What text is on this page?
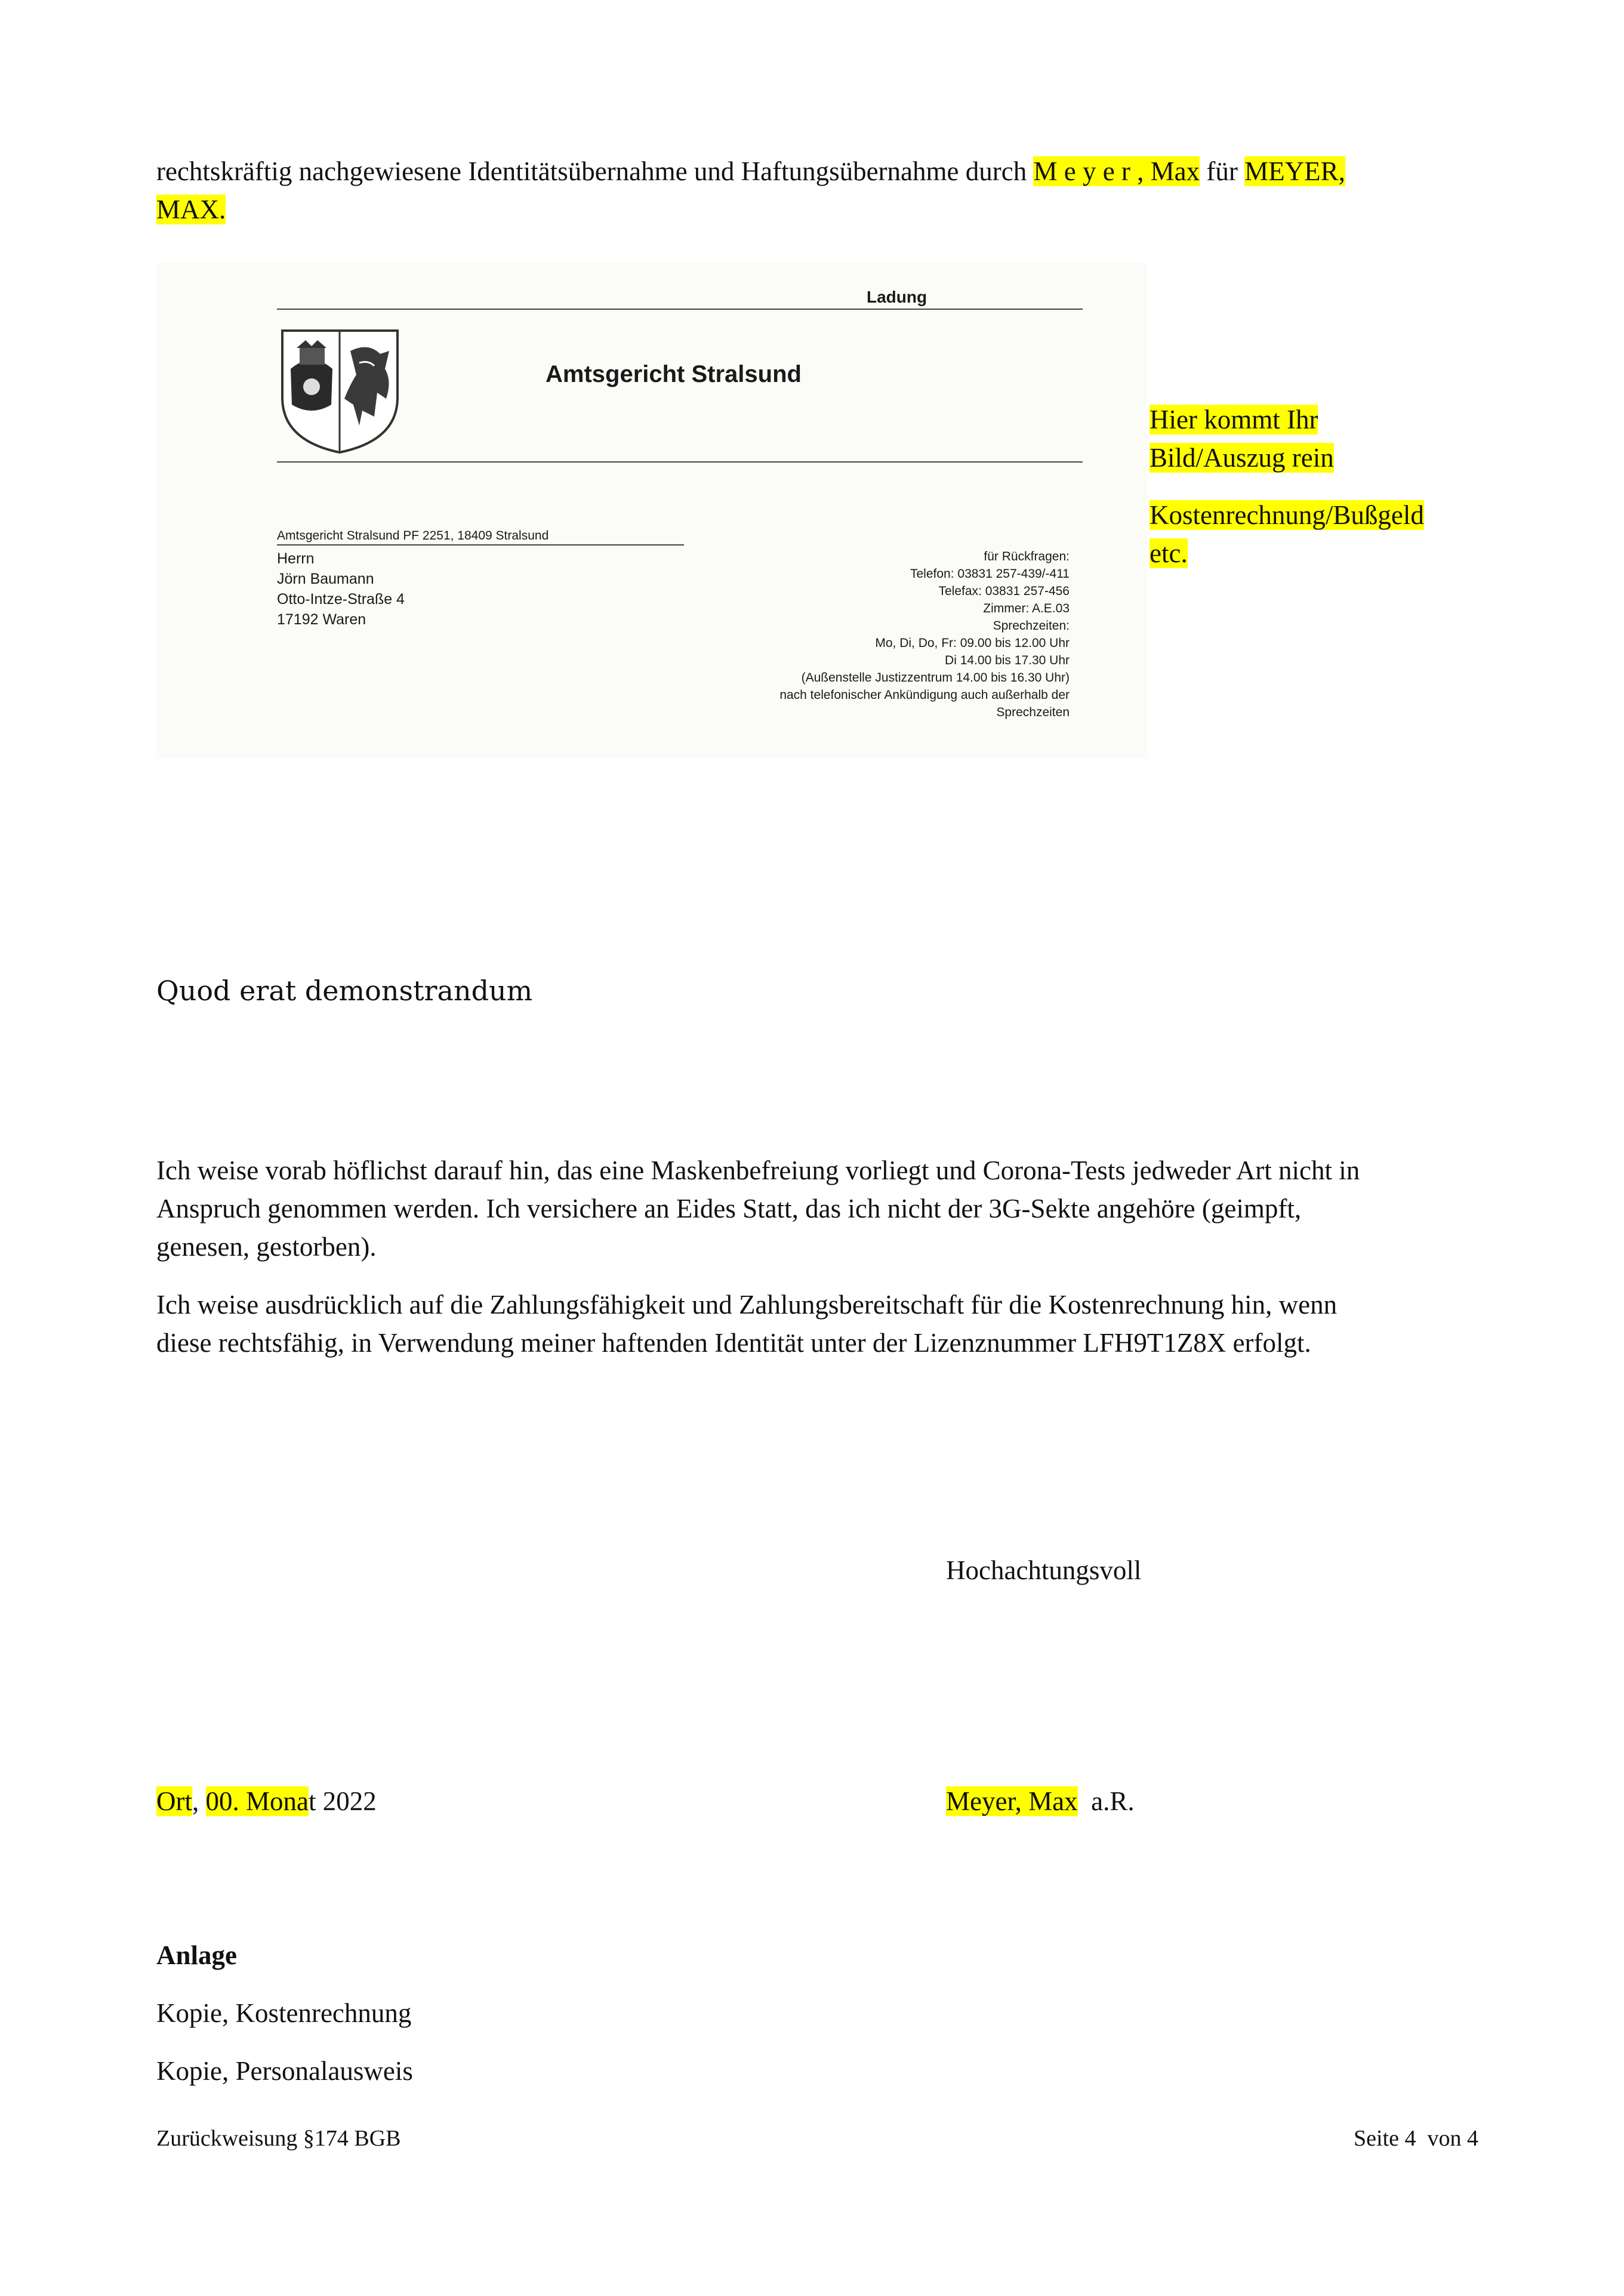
rechtskräftig nachgewiesene Identitätsübernahme und Haftungsübernahme durch M e y e r , Max für MEYER,
MAX.
Ladung
Amtsgericht Stralsund
Amtsgericht Stralsund PF 2251, 18409 Stralsund
Herrn
Jörn Baumann
Otto-Intze-Straße 4
17192 Waren
für Rückfragen:
Telefon: 03831 257-439/-411
Telefax: 03831 257-456
Zimmer: A.E.03
Sprechzeiten:
Mo, Di, Do, Fr: 09.00 bis 12.00 Uhr
Di 14.00 bis 17.30 Uhr
(Außenstelle Justizzentrum 14.00 bis 16.30 Uhr)
nach telefonischer Ankündigung auch außerhalb der
Sprechzeiten
Hier kommt Ihr
Bild/Auszug rein
Kostenrechnung/Bußgeld
etc.
Quod erat demonstrandum
Ich weise vorab höflichst darauf hin, das eine Maskenbefreiung vorliegt und Corona-Tests jedweder Art nicht in
Anspruch genommen werden. Ich versichere an Eides Statt, das ich nicht der 3G-Sekte angehöre (geimpft,
genesen, gestorben).
Ich weise ausdrücklich auf die Zahlungsfähigkeit und Zahlungsbereitschaft für die Kostenrechnung hin, wenn
diese rechtsfähig, in Verwendung meiner haftenden Identität unter der Lizenznummer LFH9T1Z8X erfolgt.
Hochachtungsvoll
Ort, 00. Monat 2022	Meyer, Max  a.R.
Anlage
Kopie, Kostenrechnung
Kopie, Personalausweis
Zurückweisung §174 BGB	Seite 4  von 4
